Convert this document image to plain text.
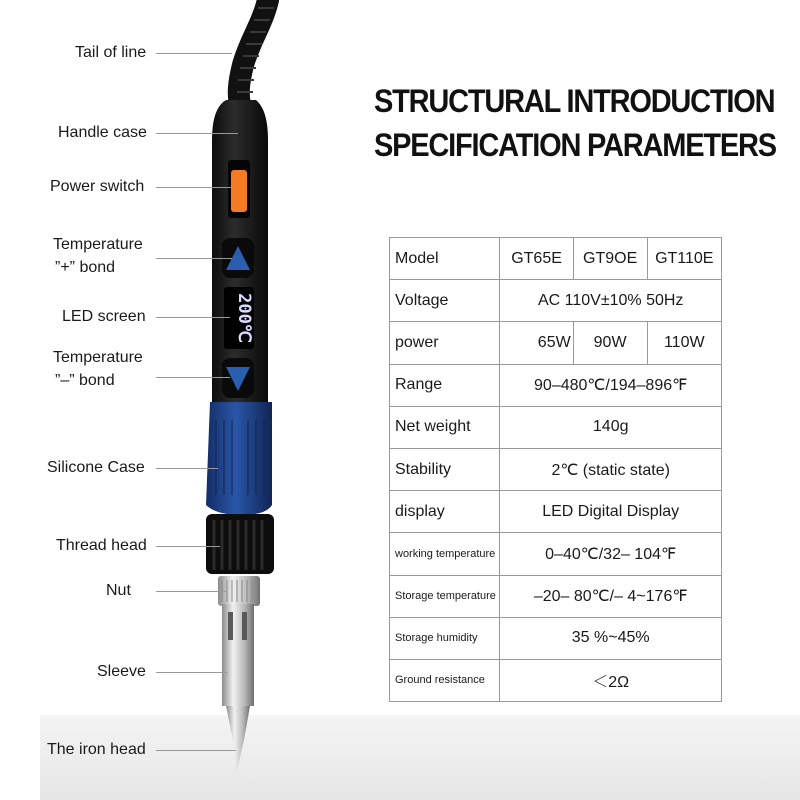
200℃
Tail of line
Handle case
Power switch
Temperature
”+” bond
LED screen
Temperature
”–” bond
Silicone Case
Thread head
Nut
Sleeve
The iron head
STRUCTURAL INTRODUCTION
SPECIFICATION PARAMETERS
Model	GT65E	GT9OE	GT110E
Voltage	AC 110V±10% 50Hz		
power	65W	90W	110W
Range	90–480℃/194–896℉		
Net weight	140g		
Stability	2℃ (static state)		
display	LED Digital Display		
working temperature	0–40℃/32– 104℉		
Storage temperature	–20– 80℃/– 4~176℉		
Storage humidity	35 %~45%		
Ground resistance	＜2Ω		
